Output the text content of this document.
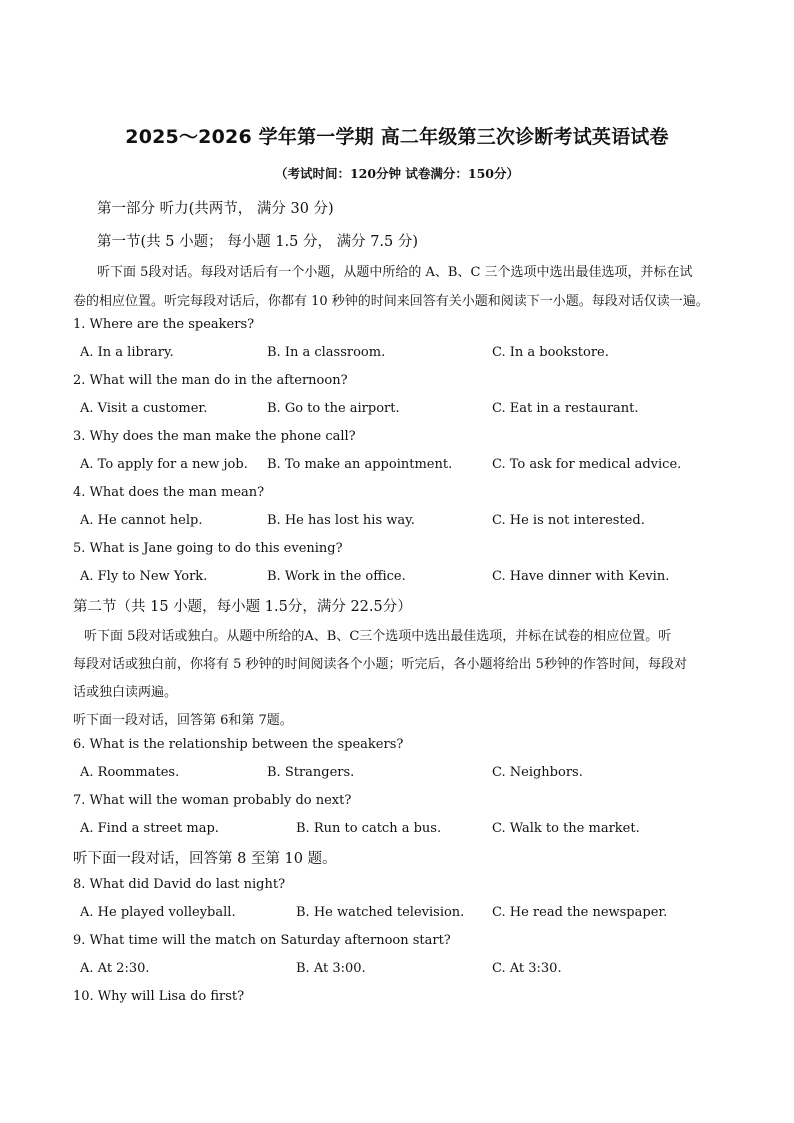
2025～2026 学年第一学期 高二年级第三次诊断考试英语试卷
（考试时间：120分钟 试卷满分：150分）
第一部分 听力(共两节， 满分 30 分)
第一节(共 5 小题； 每小题 1.5 分， 满分 7.5 分)
听下面 5段对话。每段对话后有一个小题，从题中所给的 A、B、C 三个选项中选出最佳选项，并标在试
卷的相应位置。听完每段对话后，你都有 10 秒钟的时间来回答有关小题和阅读下一小题。每段对话仅读一遍。
1. Where are the speakers?
A. In a library.	B. In a classroom.	C. In a bookstore.
2. What will the man do in the afternoon?
A. Visit a customer.	B. Go to the airport.	C. Eat in a restaurant.
3. Why does the man make the phone call?
A. To apply for a new job. B. To make an appointment.	C. To ask for medical advice.
4. What does the man mean?
A. He cannot help.	B. He has lost his way.	C. He is not interested.
5. What is Jane going to do this evening?
A. Fly to New York.	B. Work in the office.	C. Have dinner with Kevin.
第二节（共 15 小题，每小题 1.5分，满分 22.5分）
听下面 5段对话或独白。从题中所给的A、B、C三个选项中选出最佳选项，并标在试卷的相应位置。听
每段对话或独白前，你将有 5 秒钟的时间阅读各个小题；听完后，各小题将给出 5秒钟的作答时间，每段对
话或独白读两遍。
听下面一段对话，回答第 6和第 7题。
6. What is the relationship between the speakers?
A. Roommates.	B. Strangers.	C. Neighbors.
7. What will the woman probably do next?
A. Find a street map.	B. Run to catch a bus.	C. Walk to the market.
听下面一段对话，回答第 8 至第 10 题。
8. What did David do last night?
A. He played volleyball.	B. He watched television. C. He read the newspaper.
9. What time will the match on Saturday afternoon start?
A. At 2:30.	B. At 3:00.	C. At 3:30.
10. Why will Lisa do first?
